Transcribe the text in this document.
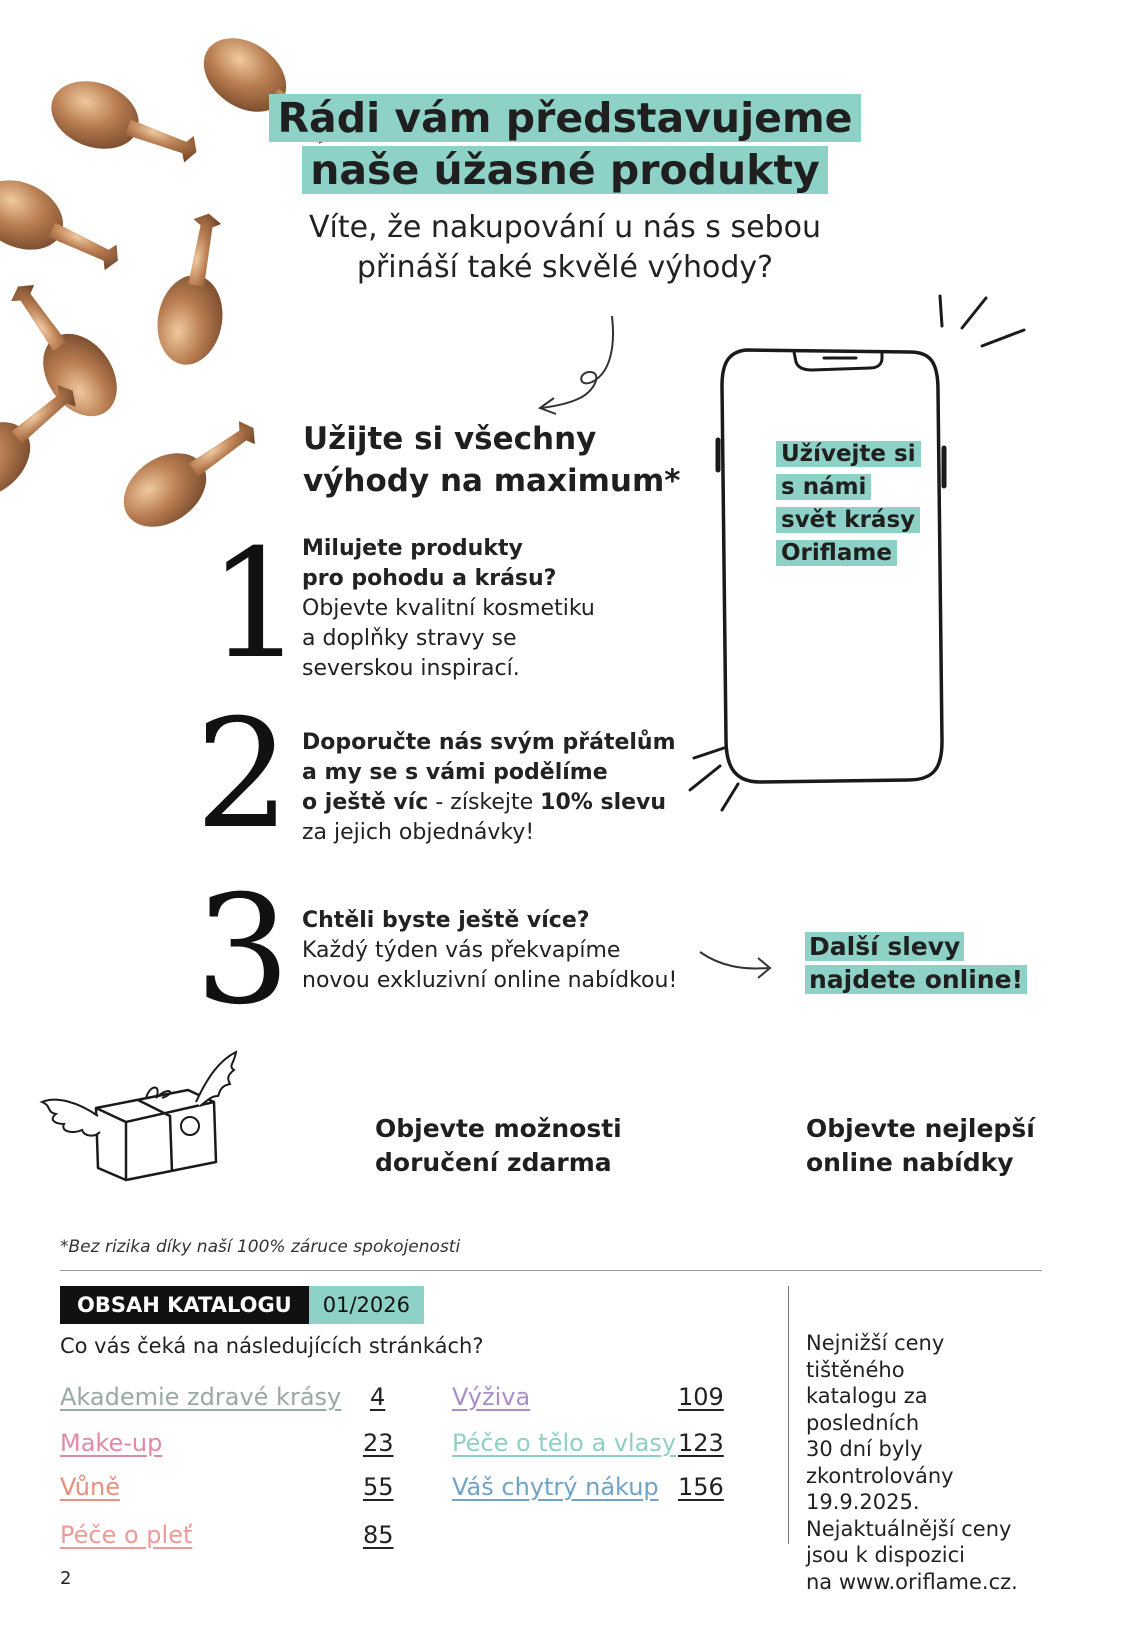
Rádi vám představujeme
naše úžasné produkty
Víte, že nakupování u nás s sebou
přináší také skvělé výhody?
Užijte si všechny
výhody na maximum*
1
Milujete produkty
pro pohodu a krásu?
Objevte kvalitní kosmetiku
a doplňky stravy se
severskou inspirací.
2 Doporučte nás svým přátelům
a my se s vámi podělíme
o ještě víc - získejte 10% slevu
za jejich objednávky!
3 Chtěli byste ještě více?
Každý týden vás překvapíme
novou exkluzivní online nabídkou!
Užívejte si
s námi
svět krásy
Oriflame
Další slevy
najdete online!
Objevte možnosti
doručení zdarma
Objevte nejlepší
online nabídky
*Bez rizika díky naší 100% záruce spokojenosti
OBSAH KATALOGU	01/2026
Co vás čeká na následujících stránkách?
Akademie zdravé krásy 4
Make-up	23
Vůně	55
Péče o pleť	85
Výživa	109
Péče o tělo a vlasy 123
Váš chytrý nákup 156
Nejnižší ceny tištěného
katalogu za posledních
30 dní byly
zkontrolovány
19.9.2025.
Nejaktuálnější ceny
jsou k dispozici
na www.oriflame.cz.
2
